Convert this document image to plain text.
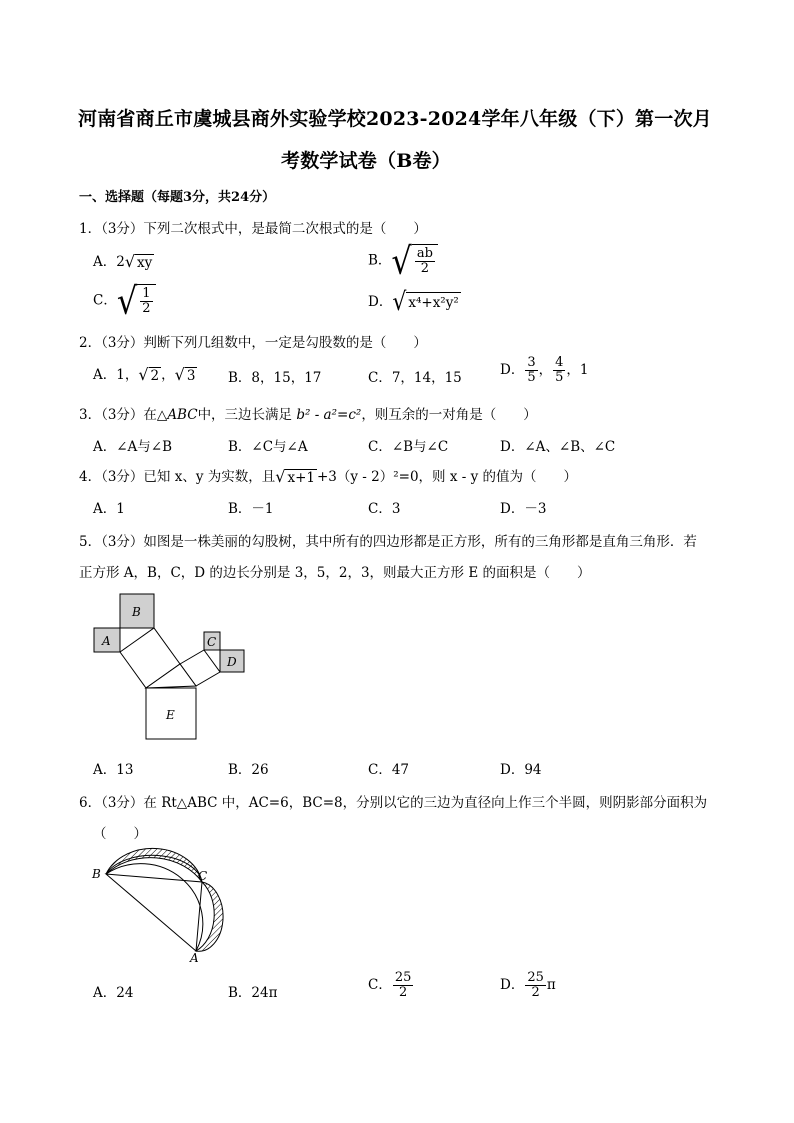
河南省商丘市虞城县商外实验学校2023-2024学年八年级（下）第一次月
考数学试卷（B卷）
一、选择题（每题3分，共24分）
1．（3分）下列二次根式中，是最简二次根式的是（　　）
A．2 √ xy	B． √ $\frac{ab}{2}$
C． √ $\frac{1}{2}$	D． √ x⁴+x²y²
2．（3分）判断下列几组数中，一定是勾股数的是（　　）
A．1， √ 2 ， √ 3 B．8，15，17	C．7，14，15	D． $\frac{3}{5}$ ， $\frac{4}{5}$ ，1
3．（3分）在△ABC中，三边长满足 b² - a²=c²，则互余的一对角是（　　）
A．∠A与∠B	B．∠C与∠A	C．∠B与∠C	D．∠A、∠B、∠C
4．（3分）已知 x、y 为实数，且 √ x+1 +3（y - 2）²=0，则 x - y 的值为（　　）
A．1	B．－1	C．3	D．－3
5．（3分）如图是一株美丽的勾股树，其中所有的四边形都是正方形，所有的三角形都是直角三角形．若
正方形 A，B，C，D 的边长分别是 3，5，2，3，则最大正方形 E 的面积是（　　）
B
A	C
D
E
A．13	B．26	C．47	D．94
6．（3分）在 Rt△ABC 中，AC=6，BC=8，分别以它的三边为直径向上作三个半圆，则阴影部分面积为
（　　）
B	C
A
A．24	B．24π	C． $\frac{25}{2}$	D． $\frac{25}{2}$ π
